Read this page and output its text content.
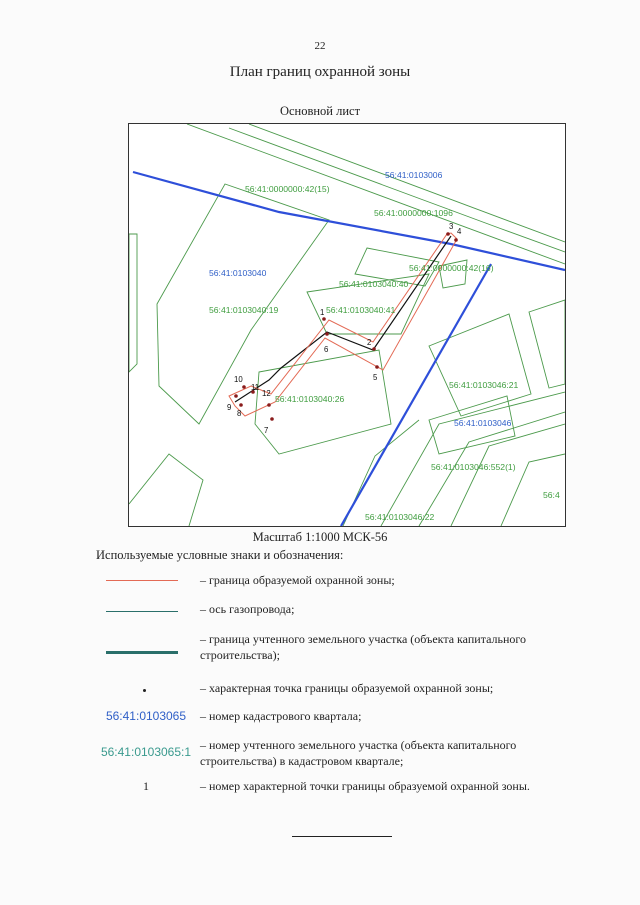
22
План границ охранной зоны
Основной лист
56:41:0103006
56:41:0103040
56:41:0103046
56:41:0000000:42(15)
56:41:0000000:1096
56:41:0000000:42(16)
56:41:0103040:40
56:41:0103040:41
56:41:0103040:19
56:41:0103040:26
56:41:0103046:21
56:41:0103046:552(1)
56:41:0103046:22
56:4
1
2
3
4
5
6
7
8
9
10
11
12
Масштаб 1:1000 МСК-56
Используемые условные знаки и обозначения:
– граница образуемой охранной зоны;
– ось газопровода;
– граница учтенного земельного участка (объекта капитального строительства);
– характерная точка границы образуемой охранной зоны;
56:41:0103065	– номер кадастрового квартала;
56:41:0103065:1 – номер учтенного земельного участка (объекта капитального строительства) в кадастровом квартале;
1	– номер характерной точки границы образуемой охранной зоны.
